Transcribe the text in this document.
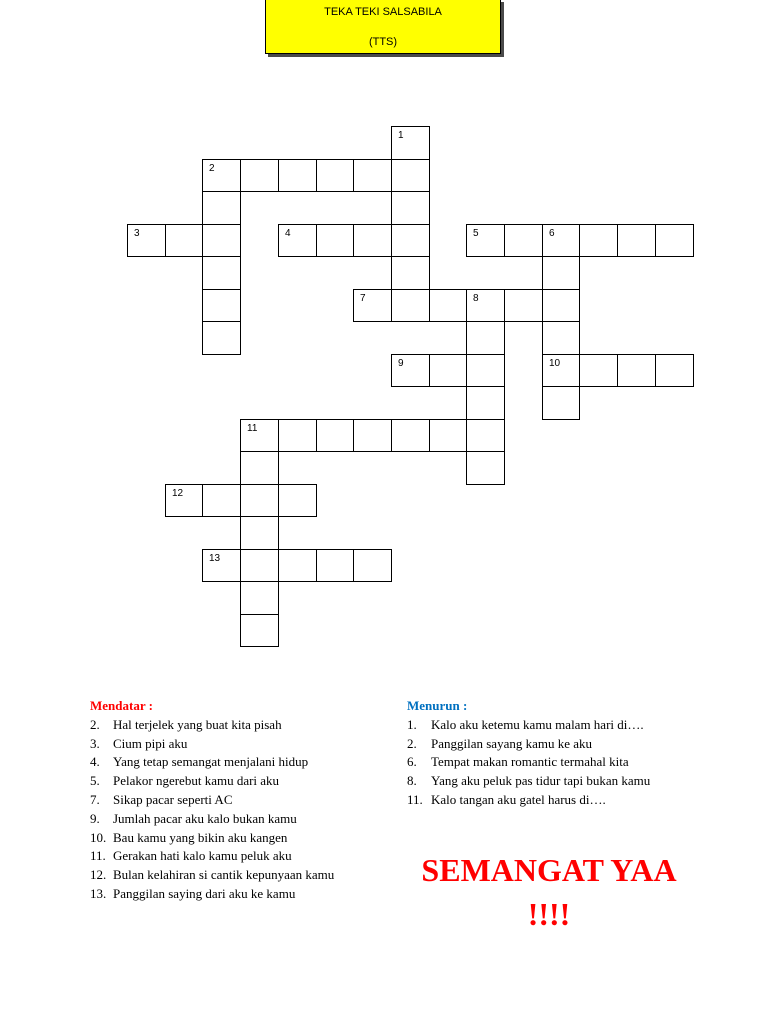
TEKA TEKI SALSABILA
(TTS)
1
2
3	4	5	6
7	8
9	10
11
12
13
Mendatar :
2.	Hal terjelek yang buat kita pisah
3.	Cium pipi aku
4.	Yang tetap semangat menjalani hidup
5.	Pelakor ngerebut kamu dari aku
7.	Sikap pacar seperti AC
9.	Jumlah pacar aku kalo bukan kamu
10. Bau kamu yang bikin aku kangen
11. Gerakan hati kalo kamu peluk aku
12. Bulan kelahiran si cantik kepunyaan kamu
13. Panggilan saying dari aku ke kamu
Menurun :
1.	Kalo aku ketemu kamu malam hari di….
2.	Panggilan sayang kamu ke aku
6.	Tempat makan romantic termahal kita
8.	Yang aku peluk pas tidur tapi bukan kamu
11. Kalo tangan aku gatel harus di….
SEMANGAT YAA
!!!!
